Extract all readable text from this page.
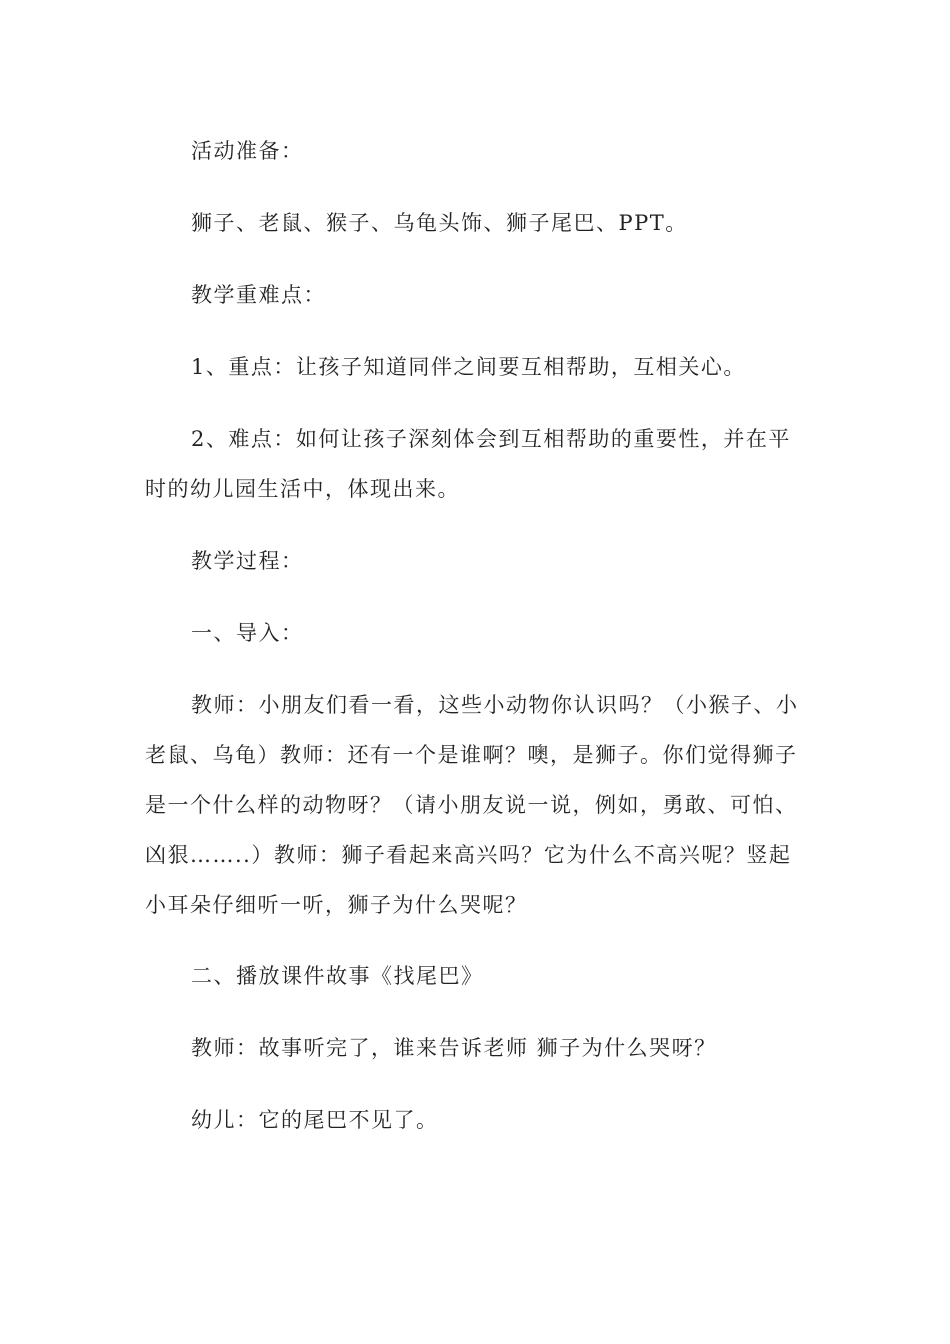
活动准备：

狮子、老鼠、猴子、乌龟头饰、狮子尾巴、PPT。

教学重难点：

1、重点：让孩子知道同伴之间要互相帮助，互相关心。

2、难点：如何让孩子深刻体会到互相帮助的重要性，并在平时的幼儿园生活中，体现出来。

教学过程：

一、导入：

教师：小朋友们看一看，这些小动物你认识吗？（小猴子、小老鼠、乌龟）教师：还有一个是谁啊？噢，是狮子。你们觉得狮子是一个什么样的动物呀？（请小朋友说一说，例如，勇敢、可怕、凶狠……..）教师：狮子看起来高兴吗？它为什么不高兴呢？竖起小耳朵仔细听一听，狮子为什么哭呢？

二、播放课件故事《找尾巴》

教师：故事听完了，谁来告诉老师 狮子为什么哭呀？

幼儿：它的尾巴不见了。
